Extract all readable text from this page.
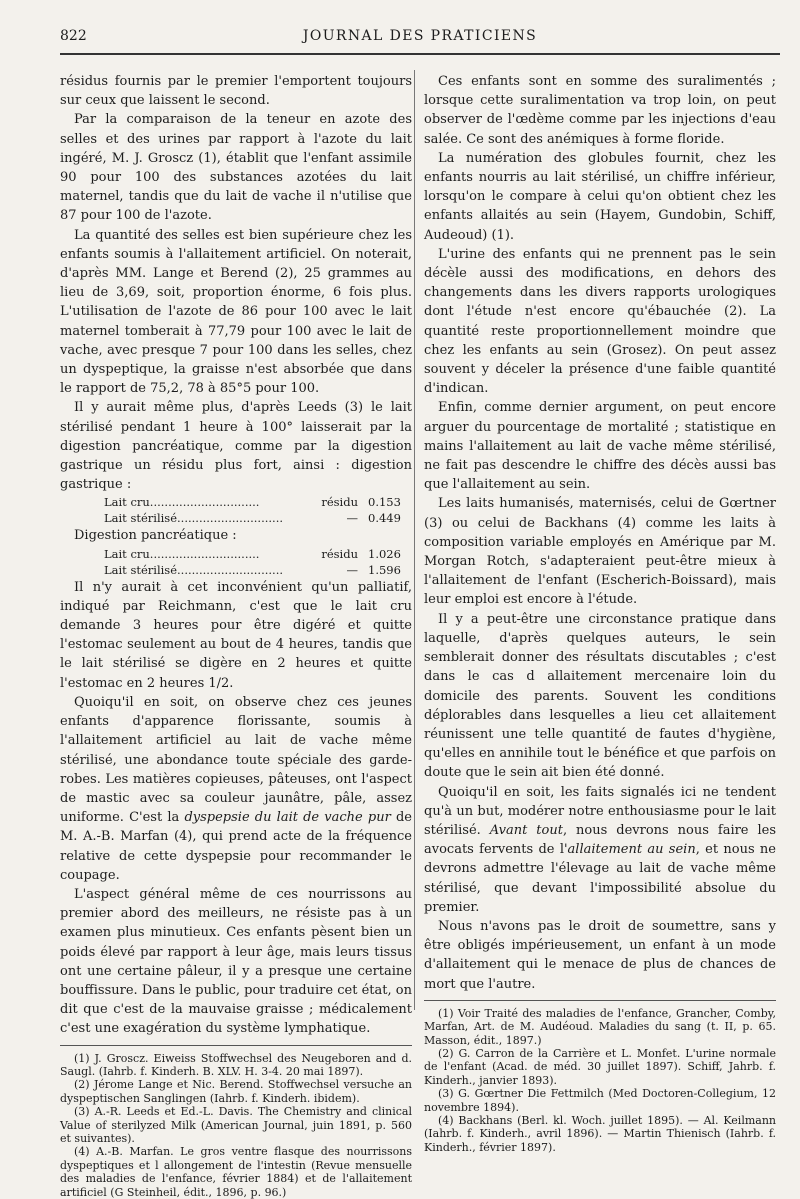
822	JOURNAL DES PRATICIENS

résidus fournis par le premier l'emportent toujours sur ceux que laissent le second.

Par la comparaison de la teneur en azote des selles et des urines par rapport à l'azote du lait ingéré, M. J. Groscz (1), établit que l'enfant assimile 90 pour 100 des substances azotées du lait maternel, tandis que du lait de vache il n'utilise que 87 pour 100 de l'azote.

La quantité des selles est bien supérieure chez les enfants soumis à l'allaitement artificiel. On noterait, d'après MM. Lange et Berend (2), 25 grammes au lieu de 3,69, soit, proportion énorme, 6 fois plus. L'utilisation de l'azote de 86 pour 100 avec le lait maternel tomberait à 77,79 pour 100 avec le lait de vache, avec presque 7 pour 100 dans les selles, chez un dyspeptique, la graisse n'est absorbée que dans le rapport de 75,2, 78 à 85°5 pour 100.

Il y aurait même plus, d'après Leeds (3) le lait stérilisé pendant 1 heure à 100° laisserait par la digestion pancréatique, comme par la digestion gastrique un résidu plus fort, ainsi : digestion gastrique :

Lait cru..............................	résidu 0.153
Lait stérilisé.............................	— 0.449

Digestion pancréatique :

Lait cru..............................	résidu 1.026
Lait stérilisé.............................	— 1.596

Il n'y aurait à cet inconvénient qu'un palliatif, indiqué par Reichmann, c'est que le lait cru demande 3 heures pour être digéré et quitte l'estomac seulement au bout de 4 heures, tandis que le lait stérilisé se digère en 2 heures et quitte l'estomac en 2 heures 1/2.

Quoiqu'il en soit, on observe chez ces jeunes enfants d'apparence florissante, soumis à l'allaitement artificiel au lait de vache même stérilisé, une abondance toute spéciale des garde-robes. Les matières copieuses, pâteuses, ont l'aspect de mastic avec sa couleur jaunâtre, pâle, assez uniforme. C'est la dyspepsie du lait de vache pur de M. A.-B. Marfan (4), qui prend acte de la fréquence relative de cette dyspepsie pour recommander le coupage.

L'aspect général même de ces nourrissons au premier abord des meilleurs, ne résiste pas à un examen plus minutieux. Ces enfants pèsent bien un poids élevé par rapport à leur âge, mais leurs tissus ont une certaine pâleur, il y a presque une certaine bouffissure. Dans le public, pour traduire cet état, on dit que c'est de la mauvaise graisse ; médicalement c'est une exagération du système lymphatique.

(1) J. Groscz. Eiweiss Stoffwechsel des Neugeboren and d. Saugl. (Iahrb. f. Kinderh. B. XLV. H. 3-4. 20 mai 1897).

(2) Jérome Lange et Nic. Berend. Stoffwechsel versuche an dyspeptischen Sanglingen (Iahrb. f. Kinderh. ibidem).

(3) A.-R. Leeds et Ed.-L. Davis. The Chemistry and clinical Value of sterilyzed Milk (American Journal, juin 1891, p. 560 et suivantes).

(4) A.-B. Marfan. Le gros ventre flasque des nourrissons dyspeptiques et l allongement de l'intestin (Revue mensuelle des maladies de l'enfance, février 1884) et de l'allaitement artificiel (G Steinheil, édit., 1896, p. 96.)

Ces enfants sont en somme des suralimentés ; lorsque cette suralimentation va trop loin, on peut observer de l'œdème comme par les injections d'eau salée. Ce sont des anémiques à forme floride.

La numération des globules fournit, chez les enfants nourris au lait stérilisé, un chiffre inférieur, lorsqu'on le compare à celui qu'on obtient chez les enfants allaités au sein (Hayem, Gundobin, Schiff, Audeoud) (1).

L'urine des enfants qui ne prennent pas le sein décèle aussi des modifications, en dehors des changements dans les divers rapports urologiques dont l'étude n'est encore qu'ébauchée (2). La quantité reste proportionnellement moindre que chez les enfants au sein (Grosez). On peut assez souvent y déceler la présence d'une faible quantité d'indican.

Enfin, comme dernier argument, on peut encore arguer du pourcentage de mortalité ; statistique en mains l'allaitement au lait de vache même stérilisé, ne fait pas descendre le chiffre des décès aussi bas que l'allaitement au sein.

Les laits humanisés, maternisés, celui de Gœrtner (3) ou celui de Backhans (4) comme les laits à composition variable employés en Amérique par M. Morgan Rotch, s'adapteraient peut-être mieux à l'allaitement de l'enfant (Escherich-Boissard), mais leur emploi est encore à l'étude.

Il y a peut-être une circonstance pratique dans laquelle, d'après quelques auteurs, le sein semblerait donner des résultats discutables ; c'est dans le cas d allaitement mercenaire loin du domicile des parents. Souvent les conditions déplorables dans lesquelles a lieu cet allaitement réunissent une telle quantité de fautes d'hygiène, qu'elles en annihile tout le bénéfice et que parfois on doute que le sein ait bien été donné.

Quoiqu'il en soit, les faits signalés ici ne tendent qu'à un but, modérer notre enthousiasme pour le lait stérilisé. Avant tout, nous devrons nous faire les avocats fervents de l'allaitement au sein, et nous ne devrons admettre l'élevage au lait de vache même stérilisé, que devant l'impossibilité absolue du premier.

Nous n'avons pas le droit de soumettre, sans y être obligés impérieusement, un enfant à un mode d'allaitement qui le menace de plus de chances de mort que l'autre.

(1) Voir Traité des maladies de l'enfance, Grancher, Comby, Marfan, Art. de M. Audéoud. Maladies du sang (t. II, p. 65. Masson, édit., 1897.)

(2) G. Carron de la Carrière et L. Monfet. L'urine normale de l'enfant (Acad. de méd. 30 juillet 1897). Schiff, Jahrb. f. Kinderh., janvier 1893).

(3) G. Gœrtner Die Fettmilch (Med Doctoren-Collegium, 12 novembre 1894).

(4) Backhans (Berl. kl. Woch. juillet 1895). — Al. Keilmann (Iahrb. f. Kinderh., avril 1896). — Martin Thienisch (Iahrb. f. Kinderh., février 1897).
